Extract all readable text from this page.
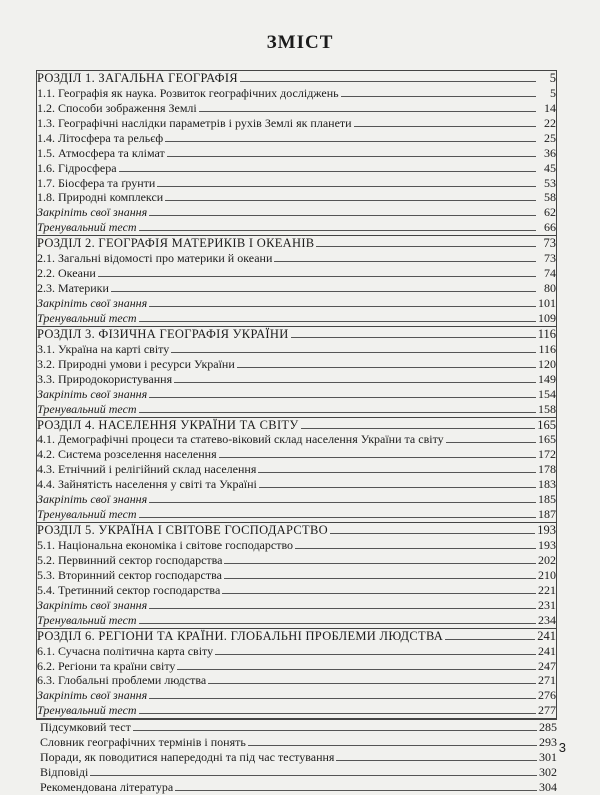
ЗМІСТ
РОЗДІЛ 1. ЗАГАЛЬНА ГЕОГРАФІЯ	5
1.1. Географія як наука. Розвиток географічних досліджень	5
1.2. Способи зображення Землі	14
1.3. Географічні наслідки параметрів і рухів Землі як планети	22
1.4. Літосфера та рельєф	25
1.5. Атмосфера та клімат	36
1.6. Гідросфера	45
1.7. Біосфера та ґрунти	53
1.8. Природні комплекси	58
Закріпіть свої знання	62
Тренувальний тест	66
РОЗДІЛ 2. ГЕОГРАФІЯ МАТЕРИКІВ І ОКЕАНІВ	73
2.1. Загальні відомості про материки й океани	73
2.2. Океани	74
2.3. Материки	80
Закріпіть свої знання	101
Тренувальний тест	109
РОЗДІЛ 3. ФІЗИЧНА ГЕОГРАФІЯ УКРАЇНИ	116
3.1. Україна на карті світу	116
3.2. Природні умови і ресурси України	120
3.3. Природокористування	149
Закріпіть свої знання	154
Тренувальний тест	158
РОЗДІЛ 4. НАСЕЛЕННЯ УКРАЇНИ ТА СВІТУ	165
4.1. Демографічні процеси та статево-віковий склад населення України та світу	165
4.2. Система розселення населення	172
4.3. Етнічний і релігійний склад населення	178
4.4. Зайнятість населення у світі та Україні	183
Закріпіть свої знання	185
Тренувальний тест	187
РОЗДІЛ 5. УКРАЇНА І СВІТОВЕ ГОСПОДАРСТВО	193
5.1. Національна економіка і світове господарство	193
5.2. Первинний сектор господарства	202
5.3. Вторинний сектор господарства	210
5.4. Третинний сектор господарства	221
Закріпіть свої знання	231
Тренувальний тест	234
РОЗДІЛ 6. РЕГІОНИ ТА КРАЇНИ. ГЛОБАЛЬНІ ПРОБЛЕМИ ЛЮДСТВА	241
6.1. Сучасна політична карта світу	241
6.2. Регіони та країни світу	247
6.3. Глобальні проблеми людства	271
Закріпіть свої знання	276
Тренувальний тест	277
Підсумковий тест	285
Словник географічних термінів і понять	293
Поради, як поводитися напередодні та під час тестування	301
Відповіді	302
Рекомендована література	304
3
